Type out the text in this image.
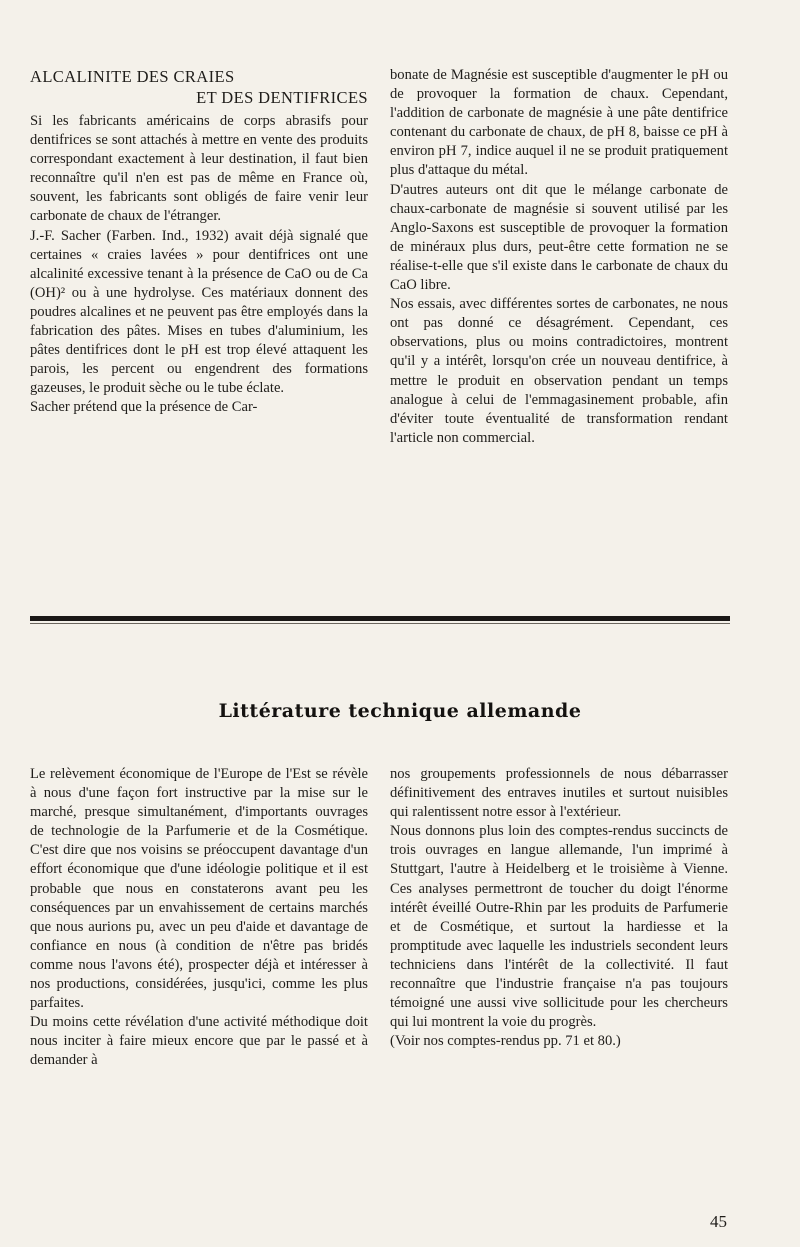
ALCALINITE DES CRAIES
ET DES DENTIFRICES

Si les fabricants américains de corps abrasifs pour dentifrices se sont attachés à mettre en vente des produits correspondant exactement à leur destination, il faut bien reconnaître qu'il n'en est pas de même en France où, souvent, les fabricants sont obligés de faire venir leur carbonate de chaux de l'étranger.

J.-F. Sacher (Farben. Ind., 1932) avait déjà signalé que certaines « craies lavées » pour dentifrices ont une alcalinité excessive tenant à la présence de CaO ou de Ca (OH)² ou à une hydrolyse. Ces matériaux donnent des poudres alcalines et ne peuvent pas être employés dans la fabrication des pâtes. Mises en tubes d'aluminium, les pâtes dentifrices dont le pH est trop élevé attaquent les parois, les percent ou engendrent des formations gazeuses, le produit sèche ou le tube éclate.

Sacher prétend que la présence de Car-

bonate de Magnésie est susceptible d'augmenter le pH ou de provoquer la formation de chaux. Cependant, l'addition de carbonate de magnésie à une pâte dentifrice contenant du carbonate de chaux, de pH 8, baisse ce pH à environ pH 7, indice auquel il ne se produit pratiquement plus d'attaque du métal.

D'autres auteurs ont dit que le mélange carbonate de chaux-carbonate de magnésie si souvent utilisé par les Anglo-Saxons est susceptible de provoquer la formation de minéraux plus durs, peut-être cette formation ne se réalise-t-elle que s'il existe dans le carbonate de chaux du CaO libre.

Nos essais, avec différentes sortes de carbonates, ne nous ont pas donné ce désagrément. Cependant, ces observations, plus ou moins contradictoires, montrent qu'il y a intérêt, lorsqu'on crée un nouveau dentifrice, à mettre le produit en observation pendant un temps analogue à celui de l'emmagasinement probable, afin d'éviter toute éventualité de transformation rendant l'article non commercial.

Littérature technique allemande

Le relèvement économique de l'Europe de l'Est se révèle à nous d'une façon fort instructive par la mise sur le marché, presque simultanément, d'importants ouvrages de technologie de la Parfumerie et de la Cosmétique. C'est dire que nos voisins se préoccupent davantage d'un effort économique que d'une idéologie politique et il est probable que nous en constaterons avant peu les conséquences par un envahissement de certains marchés que nous aurions pu, avec un peu d'aide et davantage de confiance en nous (à condition de n'être pas bridés comme nous l'avons été), prospecter déjà et intéresser à nos productions, considérées, jusqu'ici, comme les plus parfaites.

Du moins cette révélation d'une activité méthodique doit nous inciter à faire mieux encore que par le passé et à demander à

nos groupements professionnels de nous débarrasser définitivement des entraves inutiles et surtout nuisibles qui ralentissent notre essor à l'extérieur.

Nous donnons plus loin des comptes-rendus succincts de trois ouvrages en langue allemande, l'un imprimé à Stuttgart, l'autre à Heidelberg et le troisième à Vienne. Ces analyses permettront de toucher du doigt l'énorme intérêt éveillé Outre-Rhin par les produits de Parfumerie et de Cosmétique, et surtout la hardiesse et la promptitude avec laquelle les industriels secondent leurs techniciens dans l'intérêt de la collectivité. Il faut reconnaître que l'industrie française n'a pas toujours témoigné une aussi vive sollicitude pour les chercheurs qui lui montrent la voie du progrès.

(Voir nos comptes-rendus pp. 71 et 80.)

45
